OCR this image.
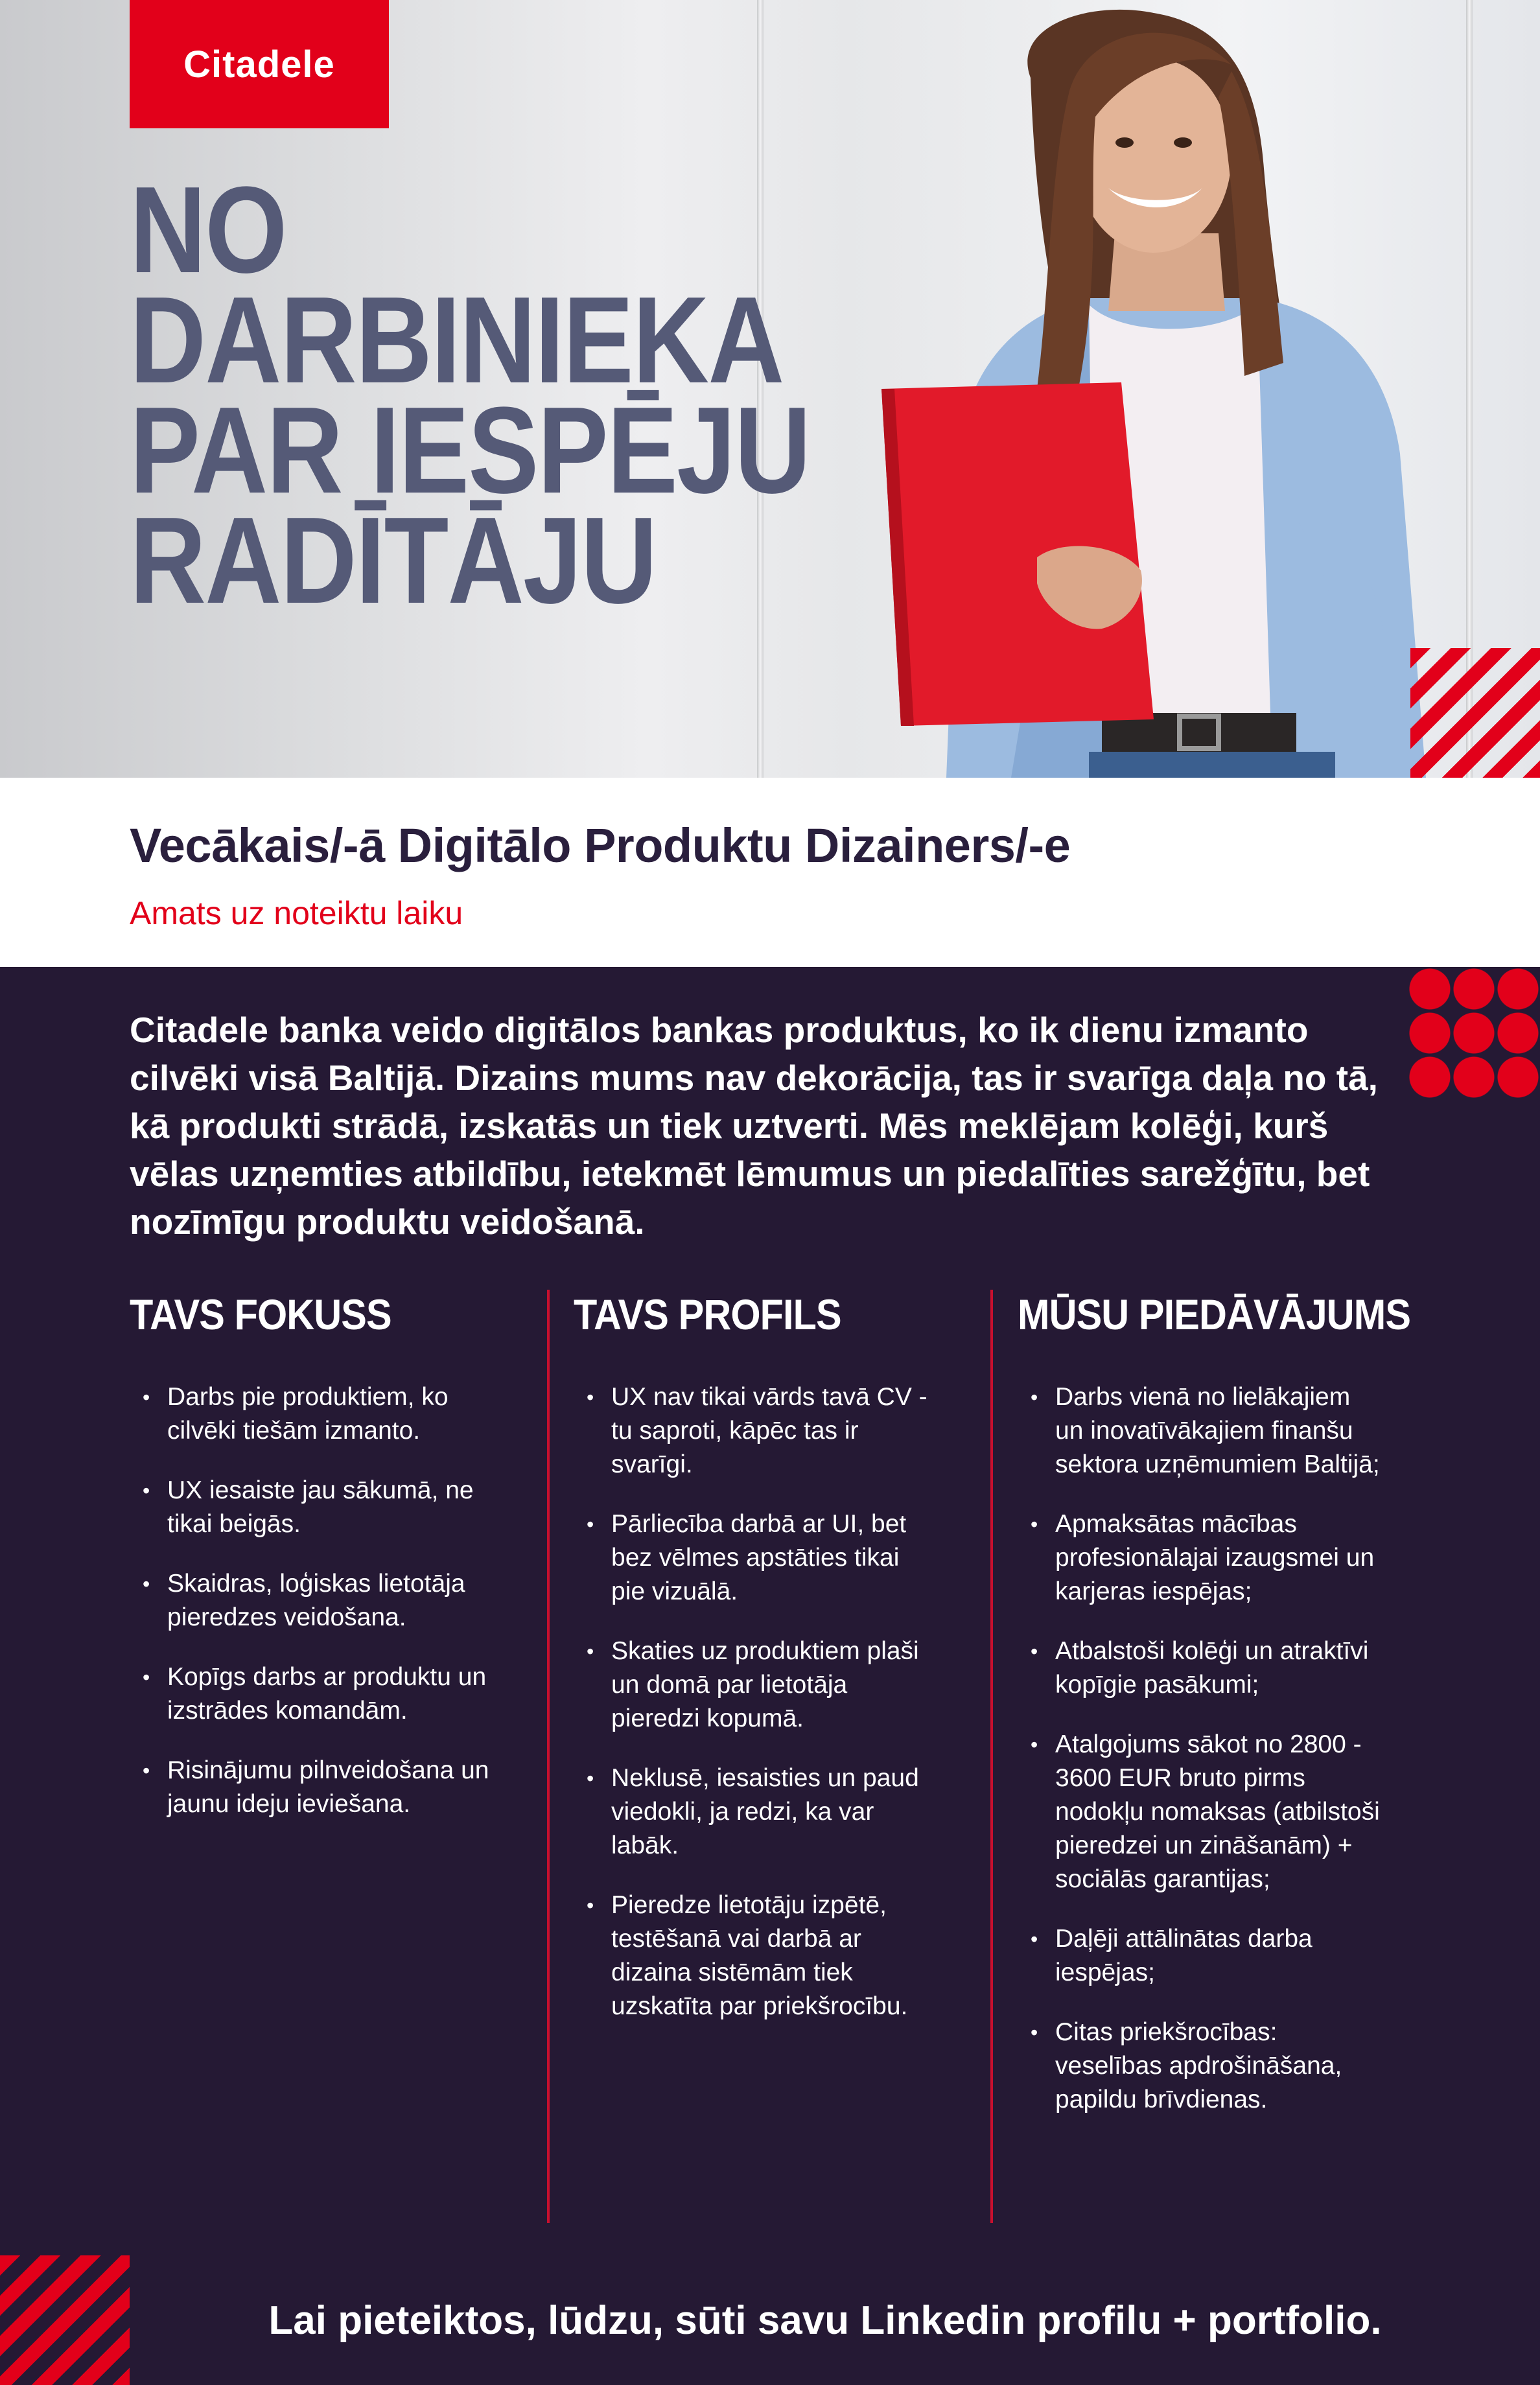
Citadele
NO
DARBINIEKA
PAR IESPĒJU
RADĪTĀJU
Vecākais/-ā Digitālo Produktu Dizainers/-e
Amats uz noteiktu laiku

Citadele banka veido digitālos bankas produktus, ko ik dienu izmanto cilvēki visā Baltijā. Dizains mums nav dekorācija, tas ir svarīga daļa no tā, kā produkti strādā, izskatās un tiek uztverti. Mēs meklējam kolēģi, kurš vēlas uzņemties atbildību, ietekmēt lēmumus un piedalīties sarežģītu, bet nozīmīgu produktu veidošanā.

TAVS FOKUSS
• Darbs pie produktiem, ko cilvēki tiešām izmanto.
• UX iesaiste jau sākumā, ne tikai beigās.
• Skaidras, loģiskas lietotāja pieredzes veidošana.
• Kopīgs darbs ar produktu un izstrādes komandām.
• Risinājumu pilnveidošana un jaunu ideju ieviešana.
TAVS PROFILS
• UX nav tikai vārds tavā CV - tu saproti, kāpēc tas ir svarīgi.
• Pārliecība darbā ar UI, bet bez vēlmes apstāties tikai pie vizuālā.
• Skaties uz produktiem plaši un domā par lietotāja pieredzi kopumā.
• Neklusē, iesaisties un paud viedokli, ja redzi, ka var labāk.
• Pieredze lietotāju izpētē, testēšanā vai darbā ar dizaina sistēmām tiek uzskatīta par priekšrocību.
MŪSU PIEDĀVĀJUMS
• Darbs vienā no lielākajiem un inovatīvākajiem finanšu sektora uzņēmumiem Baltijā;
• Apmaksātas mācības profesionālajai izaugsmei un karjeras iespējas;
• Atbalstoši kolēģi un atraktīvi kopīgie pasākumi;
• Atalgojums sākot no 2800 - 3600 EUR bruto pirms nodokļu nomaksas (atbilstoši pieredzei un zināšanām) + sociālās garantijas;
• Daļēji attālinātas darba iespējas;
• Citas priekšrocības: veselības apdrošināšana, papildu brīvdienas.

Lai pieteiktos, lūdzu, sūti savu Linkedin profilu + portfolio.
